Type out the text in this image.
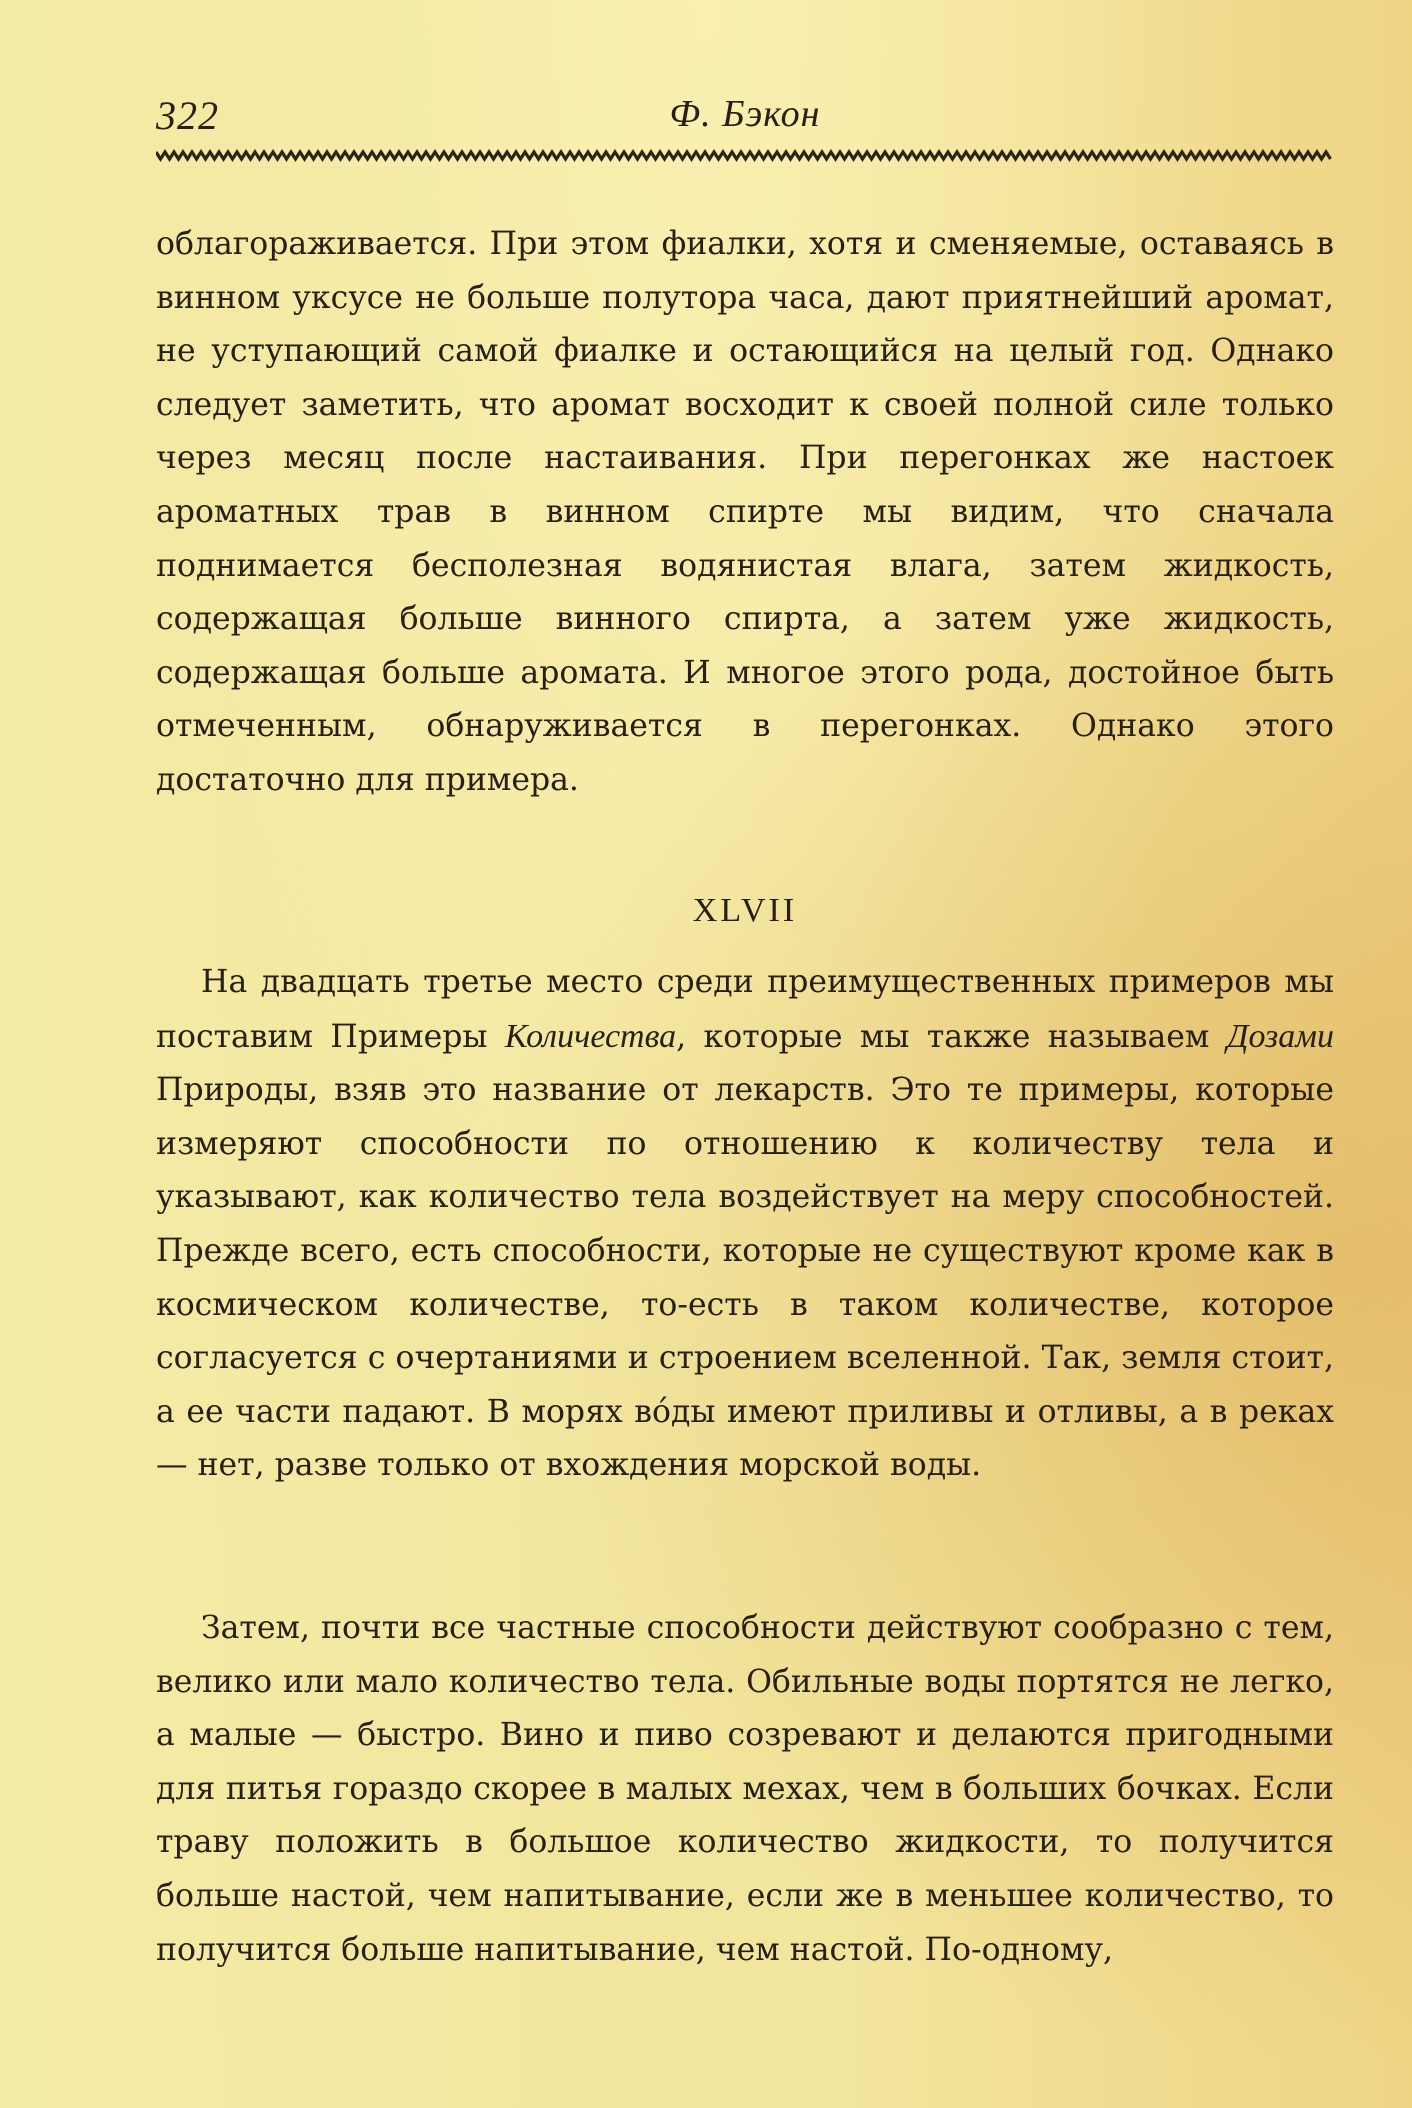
322	Ф. Бэкон

облагораживается. При этом фиалки, хотя и сменяемые, оставаясь в винном уксусе не больше полутора часа, дают приятнейший аромат, не уступающий самой фиалке и остающийся на целый год. Однако следует заметить, что аромат восходит к своей полной силе только через месяц после настаивания. При перегонках же настоек ароматных трав в винном спирте мы видим, что сначала поднимается бесполезная водянистая влага, затем жидкость, содержащая больше винного спирта, а затем уже жидкость, содержащая больше аромата. И многое этого рода, достойное быть отмеченным, обнаруживается в перегонках. Однако этого достаточно для примера.

XLVII

На двадцать третье место среди преимущественных примеров мы поставим Примеры Количества, которые мы также называем Дозами Природы, взяв это название от лекарств. Это те примеры, которые измеряют способности по отношению к количеству тела и указывают, как количество тела воздействует на меру способностей. Прежде всего, есть способности, которые не существуют кроме как в космическом количестве, то-есть в таком количестве, которое согласуется с очертаниями и строением вселенной. Так, земля стоит, а ее части падают. В морях вóды имеют приливы и отливы, а в реках — нет, разве только от вхождения морской воды.

Затем, почти все частные способности действуют сообразно с тем, велико или мало количество тела. Обильные воды портятся не легко, а малые — быстро. Вино и пиво созревают и делаются пригодными для питья гораздо скорее в малых мехах, чем в больших бочках. Если траву положить в большое количество жидкости, то получится больше настой, чем напитывание, если же в меньшее количество, то получится больше напитывание, чем настой. По-одному,
